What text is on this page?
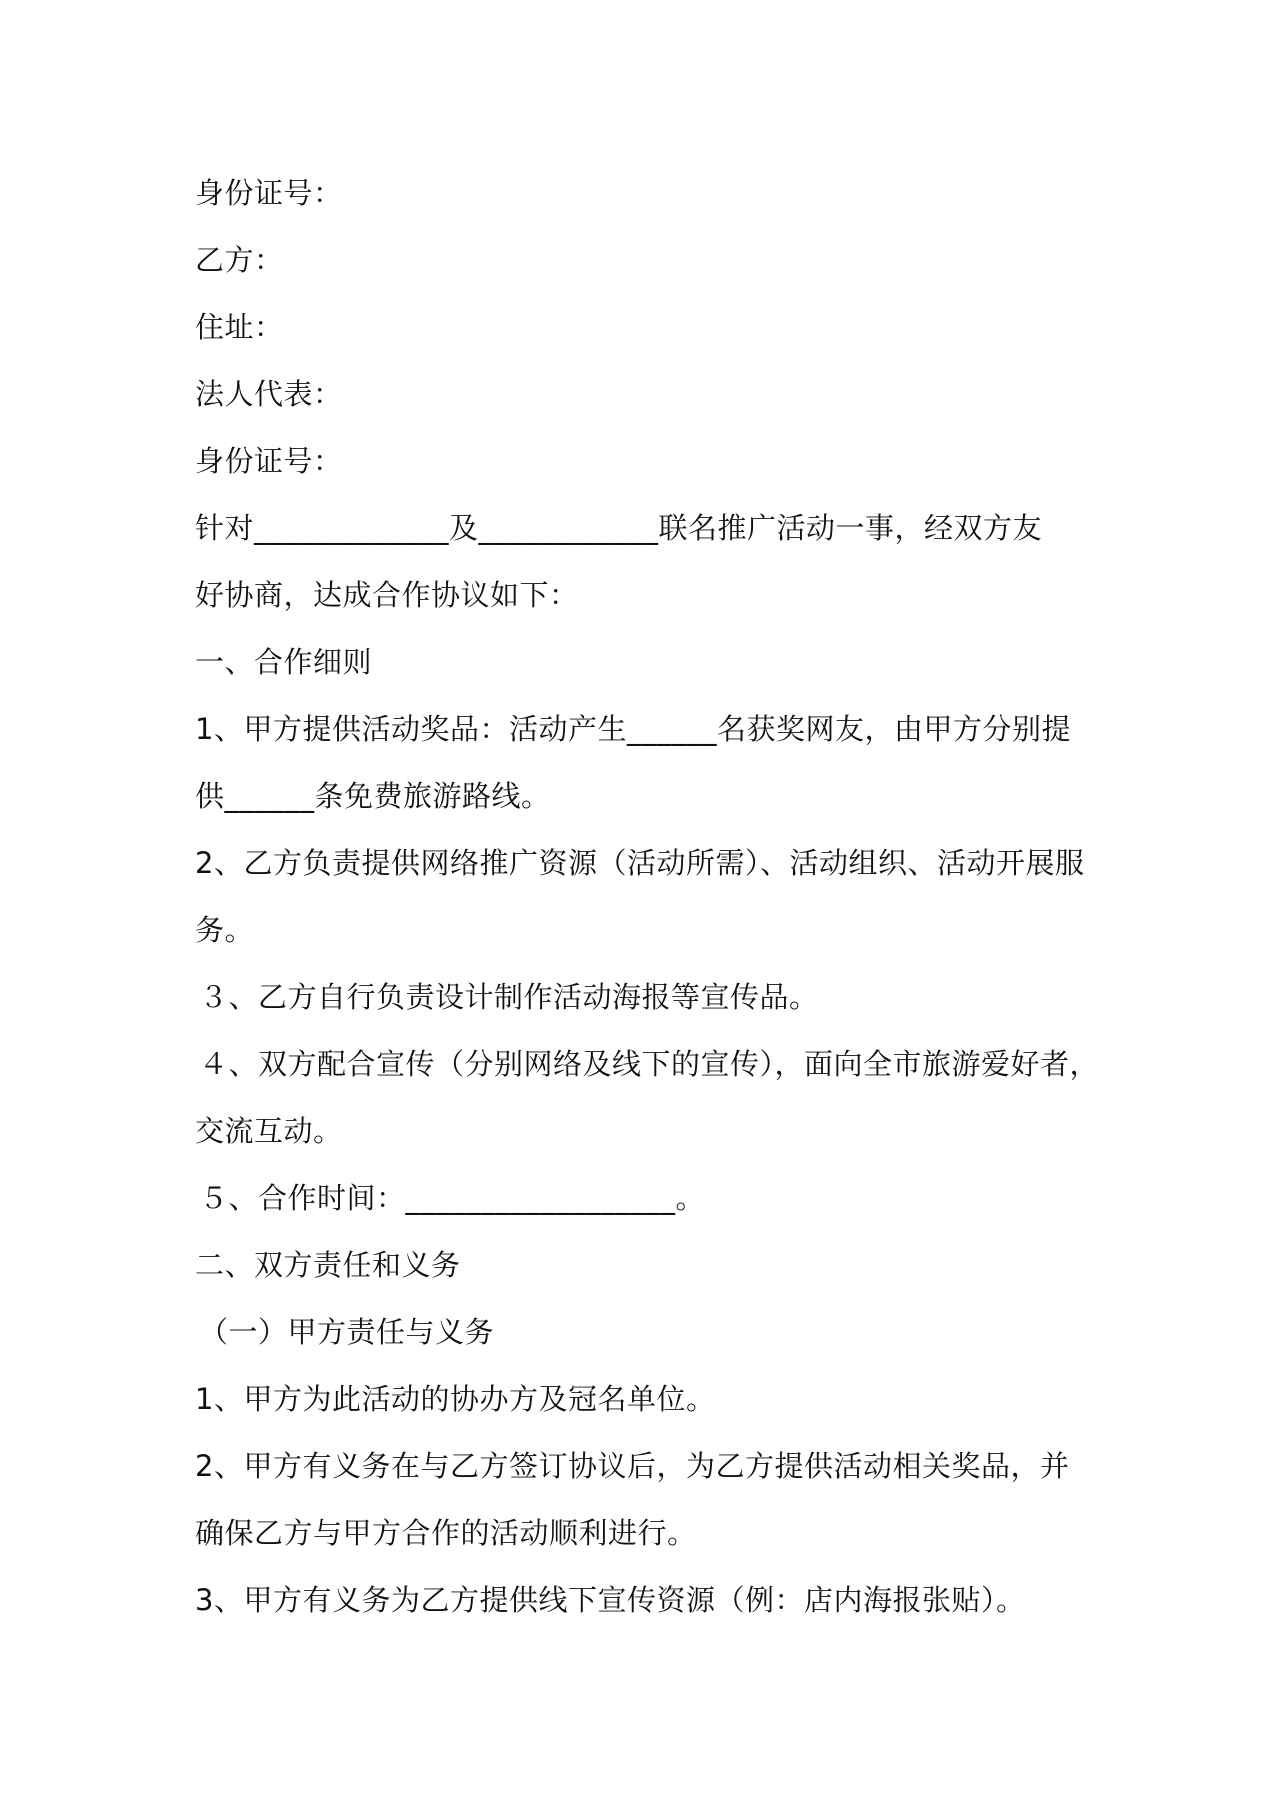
身份证号：
乙方：
住址：
法人代表：
身份证号：
针对_____________及____________联名推广活动一事，经双方友
好协商，达成合作协议如下：
一、合作细则
1、甲方提供活动奖品：活动产生______名获奖网友，由甲方分别提
供______条免费旅游路线。
2、乙方负责提供网络推广资源（活动所需）、活动组织、活动开展服
务。
３、乙方自行负责设计制作活动海报等宣传品。
４、双方配合宣传（分别网络及线下的宣传），面向全市旅游爱好者，
交流互动。
５、合作时间：__________________。
二、双方责任和义务
（一）甲方责任与义务
1、甲方为此活动的协办方及冠名单位。
2、甲方有义务在与乙方签订协议后，为乙方提供活动相关奖品，并
确保乙方与甲方合作的活动顺利进行。
3、甲方有义务为乙方提供线下宣传资源（例：店内海报张贴）。
